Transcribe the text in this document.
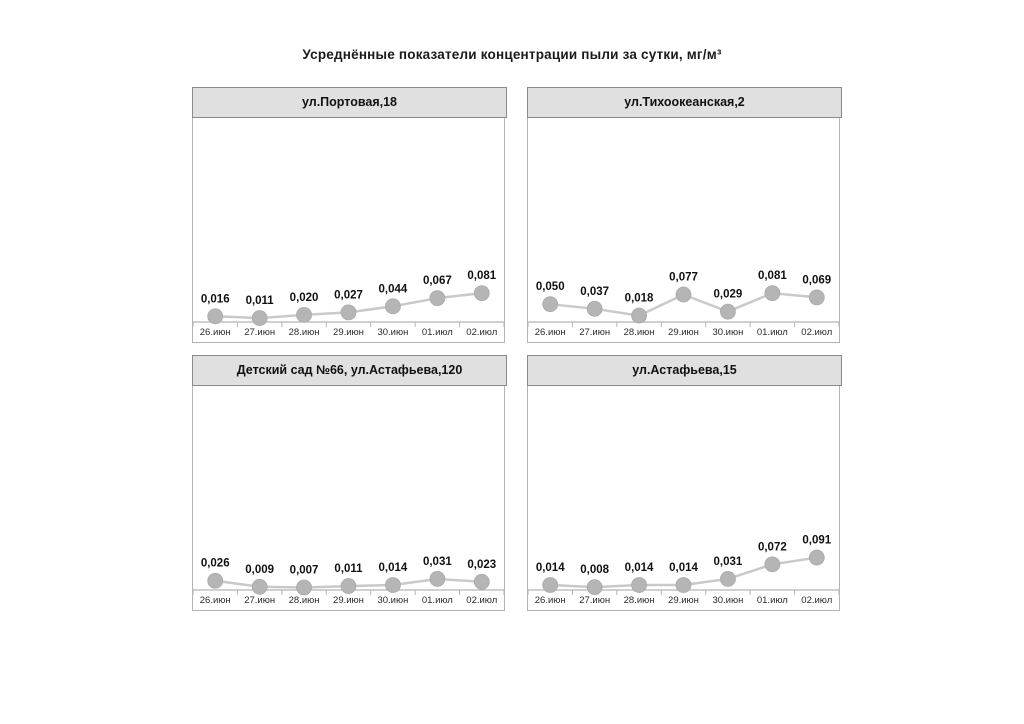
Усреднённые показатели концентрации пыли за сутки, мг/м³
ул.Портовая,18
0,016 0,011 0,020 0,027
0,044
0,067 0,081
26.июн 27.июн 28.июн 29.июн 30.июн 01.июл 02.июл
ул.Тихоокеанская,2
0,050 0,037
0,018
0,077
0,029
0,081 0,069
26.июн 27.июн 28.июн 29.июн 30.июн 01.июл 02.июл
Детский сад №66, ул.Астафьева,120
0,026
0,009 0,007 0,011 0,014
0,031 0,023
26.июн 27.июн 28.июн 29.июн 30.июн 01.июл 02.июл
ул.Астафьева,15
0,014 0,008 0,014 0,014
0,031
0,072
0,091
26.июн 27.июн 28.июн 29.июн 30.июн 01.июл 02.июл
